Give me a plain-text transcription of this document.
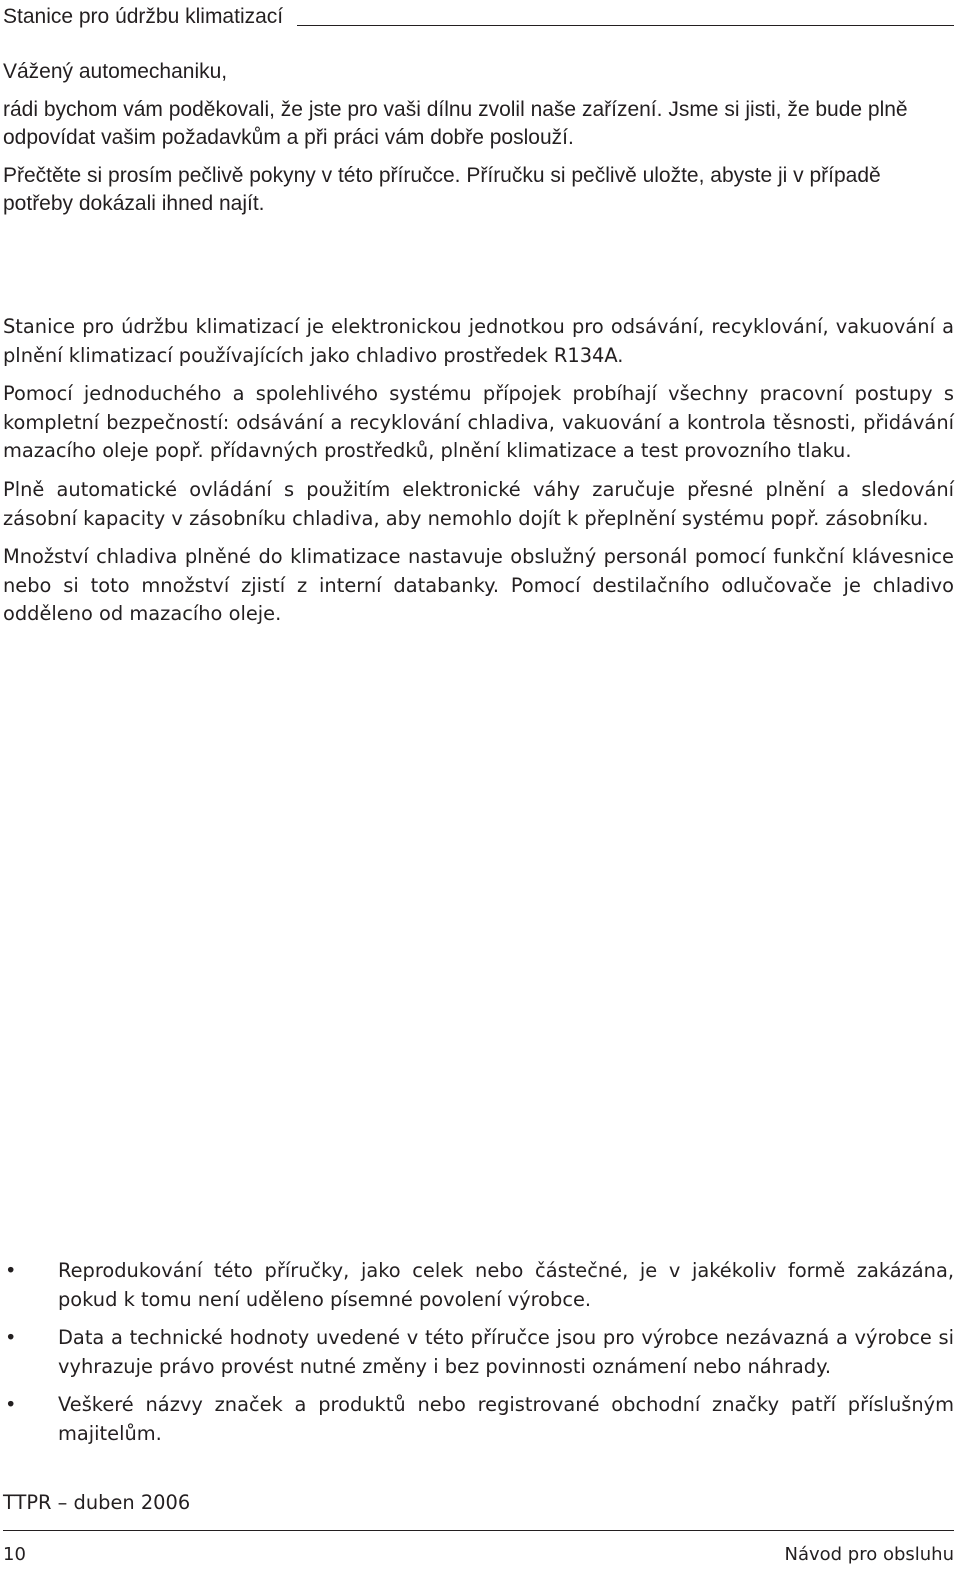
Stanice pro údržbu klimatizací

Vážený automechaniku,

rádi bychom vám poděkovali, že jste pro vaši dílnu zvolil naše zařízení. Jsme si jisti, že bude plně odpovídat vašim požadavkům a při práci vám dobře poslouží.

Přečtěte si prosím pečlivě pokyny v této příručce. Příručku si pečlivě uložte, abyste ji v případě potřeby dokázali ihned najít.

Stanice pro údržbu klimatizací je elektronickou jednotkou pro odsávání, recyklování, vakuování a plnění klimatizací používajících jako chladivo prostředek R134A.

Pomocí jednoduchého a spolehlivého systému přípojek probíhají všechny pracovní postupy s kompletní bezpečností: odsávání a recyklování chladiva, vakuování a kontrola těsnosti, přidávání mazacího oleje popř. přídavných prostředků, plnění klimatizace a test provozního tlaku.

Plně automatické ovládání s použitím elektronické váhy zaručuje přesné plnění a sledování zásobní kapacity v zásobníku chladiva, aby nemohlo dojít k přeplnění systému popř. zásobníku.

Množství chladiva plněné do klimatizace nastavuje obslužný personál pomocí funkční klávesnice nebo si toto množství zjistí z interní databanky. Pomocí destilačního odlučovače je chladivo odděleno od mazacího oleje.

• Reprodukování této příručky, jako celek nebo částečné, je v jakékoliv formě zakázána, pokud k tomu není uděleno písemné povolení výrobce.
• Data a technické hodnoty uvedené v této příručce jsou pro výrobce nezávazná a výrobce si vyhrazuje právo provést nutné změny i bez povinnosti oznámení nebo náhrady.
• Veškeré názvy značek a produktů nebo registrované obchodní značky patří příslušným majitelům.
TTPR – duben 2006
10	Návod pro obsluhu
